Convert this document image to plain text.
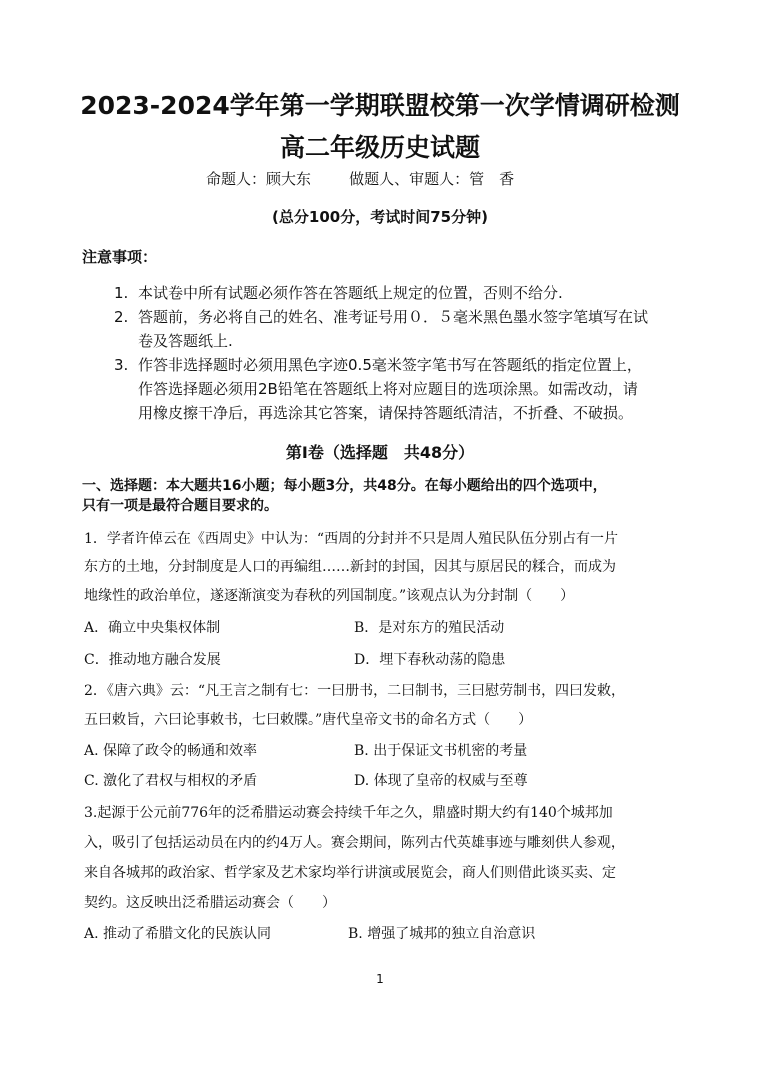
2023-2024学年第一学期联盟校第一次学情调研检测
高二年级历史试题
命题人：顾大东	做题人、审题人：管　香
(总分100分，考试时间75分钟)
注意事项：
1. 本试卷中所有试题必须作答在答题纸上规定的位置，否则不给分.
2. 答题前，务必将自己的姓名、准考证号用０．５毫米黑色墨水签字笔填写在试
卷及答题纸上.
3. 作答非选择题时必须用黑色字迹0.5毫米签字笔书写在答题纸的指定位置上，
作答选择题必须用2B铅笔在答题纸上将对应题目的选项涂黑。如需改动，请
用橡皮擦干净后，再选涂其它答案，请保持答题纸清洁，不折叠、不破损。
第Ⅰ卷（选择题　共48分）
一、选择题：本大题共16小题；每小题3分，共48分。在每小题给出的四个选项中，
只有一项是最符合题目要求的。
1．学者许倬云在《西周史》中认为：“西周的分封并不只是周人殖民队伍分别占有一片
东方的土地，分封制度是人口的再编组……新封的封国，因其与原居民的糅合，而成为
地缘性的政治单位，遂逐渐演变为春秋的列国制度。”该观点认为分封制（　　）
A．确立中央集权体制	B．是对东方的殖民活动
C．推动地方融合发展	D．埋下春秋动荡的隐患
2．《唐六典》云：“凡王言之制有七：一曰册书，二曰制书，三曰慰劳制书，四曰发敕，
五曰敕旨，六曰论事敕书，七曰敕牒。”唐代皇帝文书的命名方式（　　）
A. 保障了政令的畅通和效率	B. 出于保证文书机密的考量
C. 激化了君权与相权的矛盾	D. 体现了皇帝的权威与至尊
3.起源于公元前776年的泛希腊运动赛会持续千年之久，鼎盛时期大约有140个城邦加
入，吸引了包括运动员在内的约4万人。赛会期间，陈列古代英雄事迹与雕刻供人参观，
来自各城邦的政治家、哲学家及艺术家均举行讲演或展览会，商人们则借此谈买卖、定
契约。这反映出泛希腊运动赛会（　　）
A. 推动了希腊文化的民族认同	B. 增强了城邦的独立自治意识
1
